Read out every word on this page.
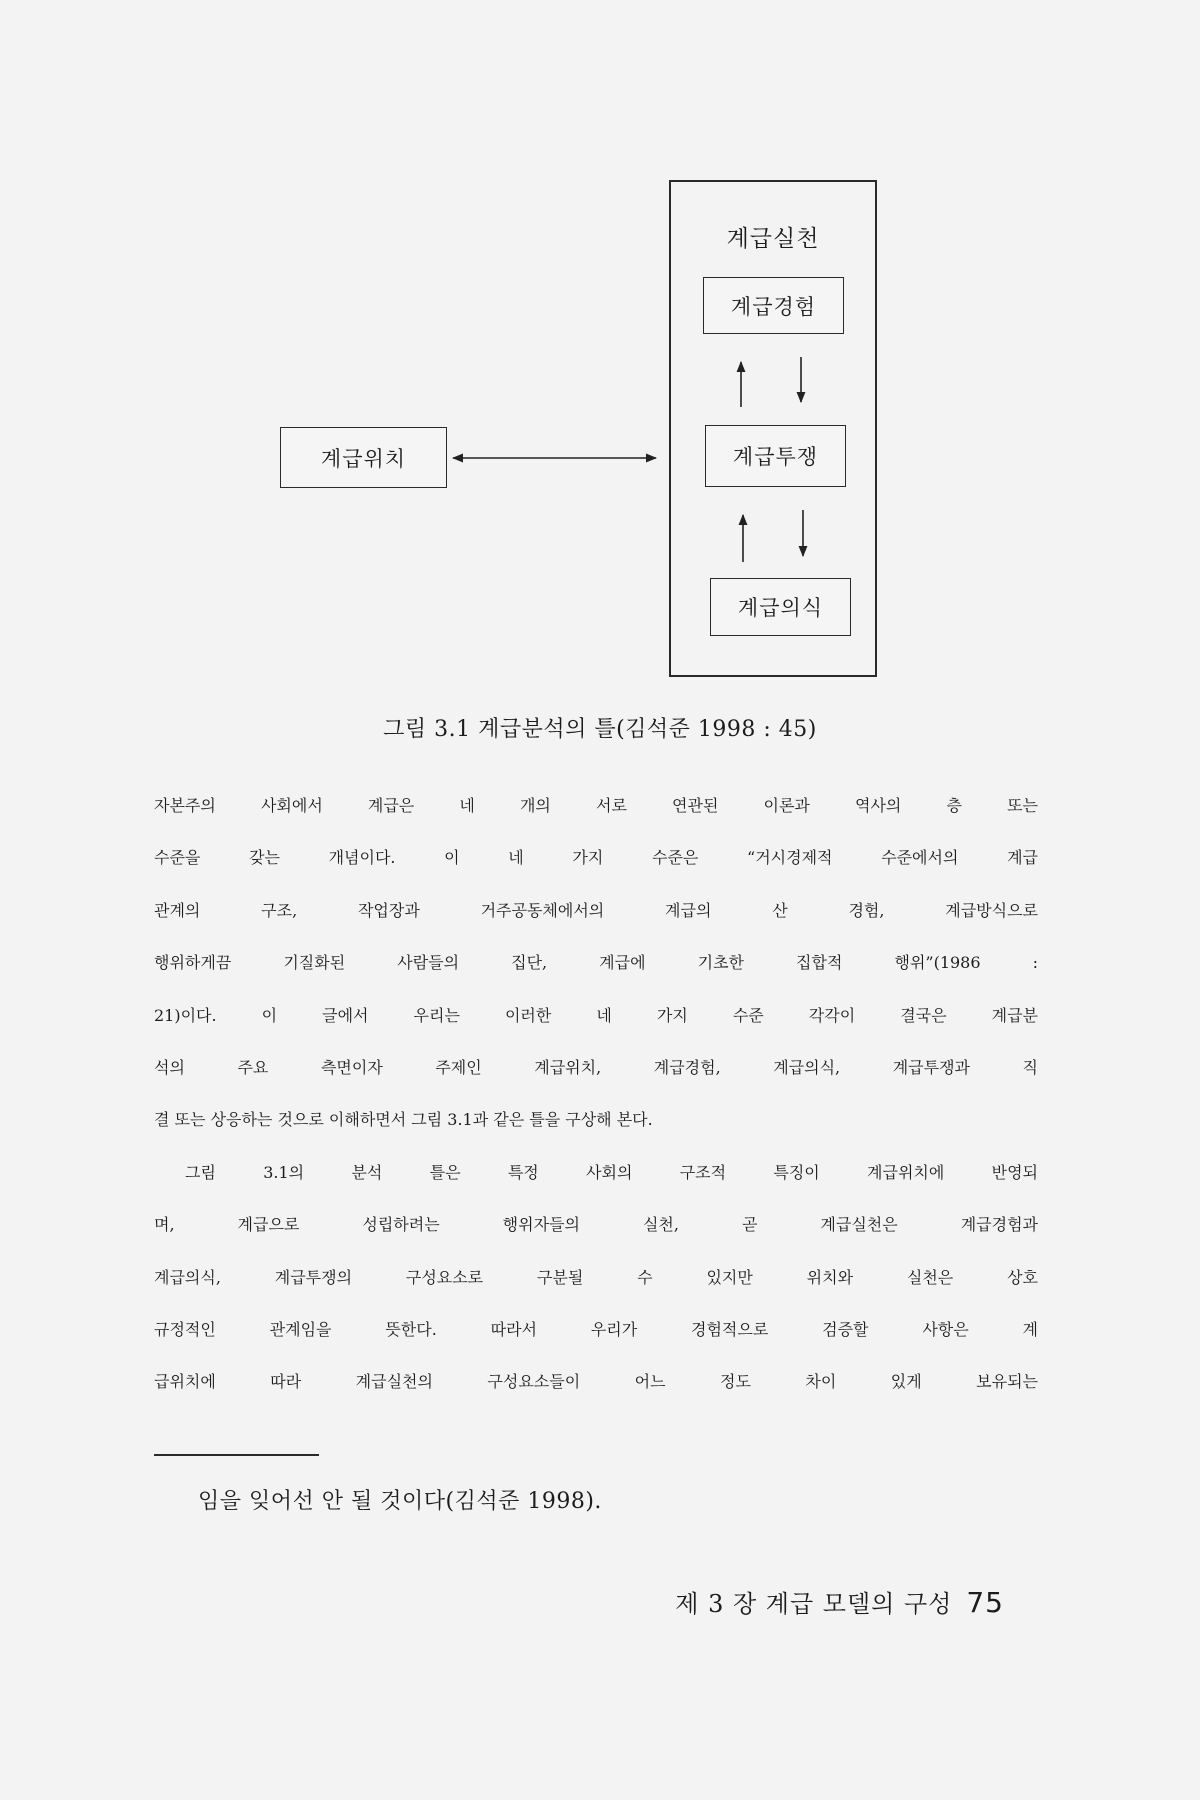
계급실천
계급경험
계급투쟁
계급의식
계급위치
그림 3.1 계급분석의 틀(김석준 1998 : 45)
자본주의 사회에서 계급은 네 개의 서로 연관된 이론과 역사의 층 또는
수준을 갖는 개념이다. 이 네 가지 수준은 “거시경제적 수준에서의 계급
관계의 구조, 작업장과 거주공동체에서의 계급의 산 경험, 계급방식으로
행위하게끔 기질화된 사람들의 집단, 계급에 기초한 집합적 행위”(1986 :
21)이다. 이 글에서 우리는 이러한 네 가지 수준 각각이 결국은 계급분
석의 주요 측면이자 주제인 계급위치, 계급경험, 계급의식, 계급투쟁과 직
결 또는 상응하는 것으로 이해하면서 그림 3.1과 같은 틀을 구상해 본다.
그림 3.1의 분석 틀은 특정 사회의 구조적 특징이 계급위치에 반영되
며, 계급으로 성립하려는 행위자들의 실천, 곧 계급실천은 계급경험과
계급의식, 계급투쟁의 구성요소로 구분될 수 있지만 위치와 실천은 상호
규정적인 관계임을 뜻한다. 따라서 우리가 경험적으로 검증할 사항은 계
급위치에 따라 계급실천의 구성요소들이 어느 정도 차이 있게 보유되는
임을 잊어선 안 될 것이다(김석준 1998).
제 3 장 계급 모델의 구성 75
